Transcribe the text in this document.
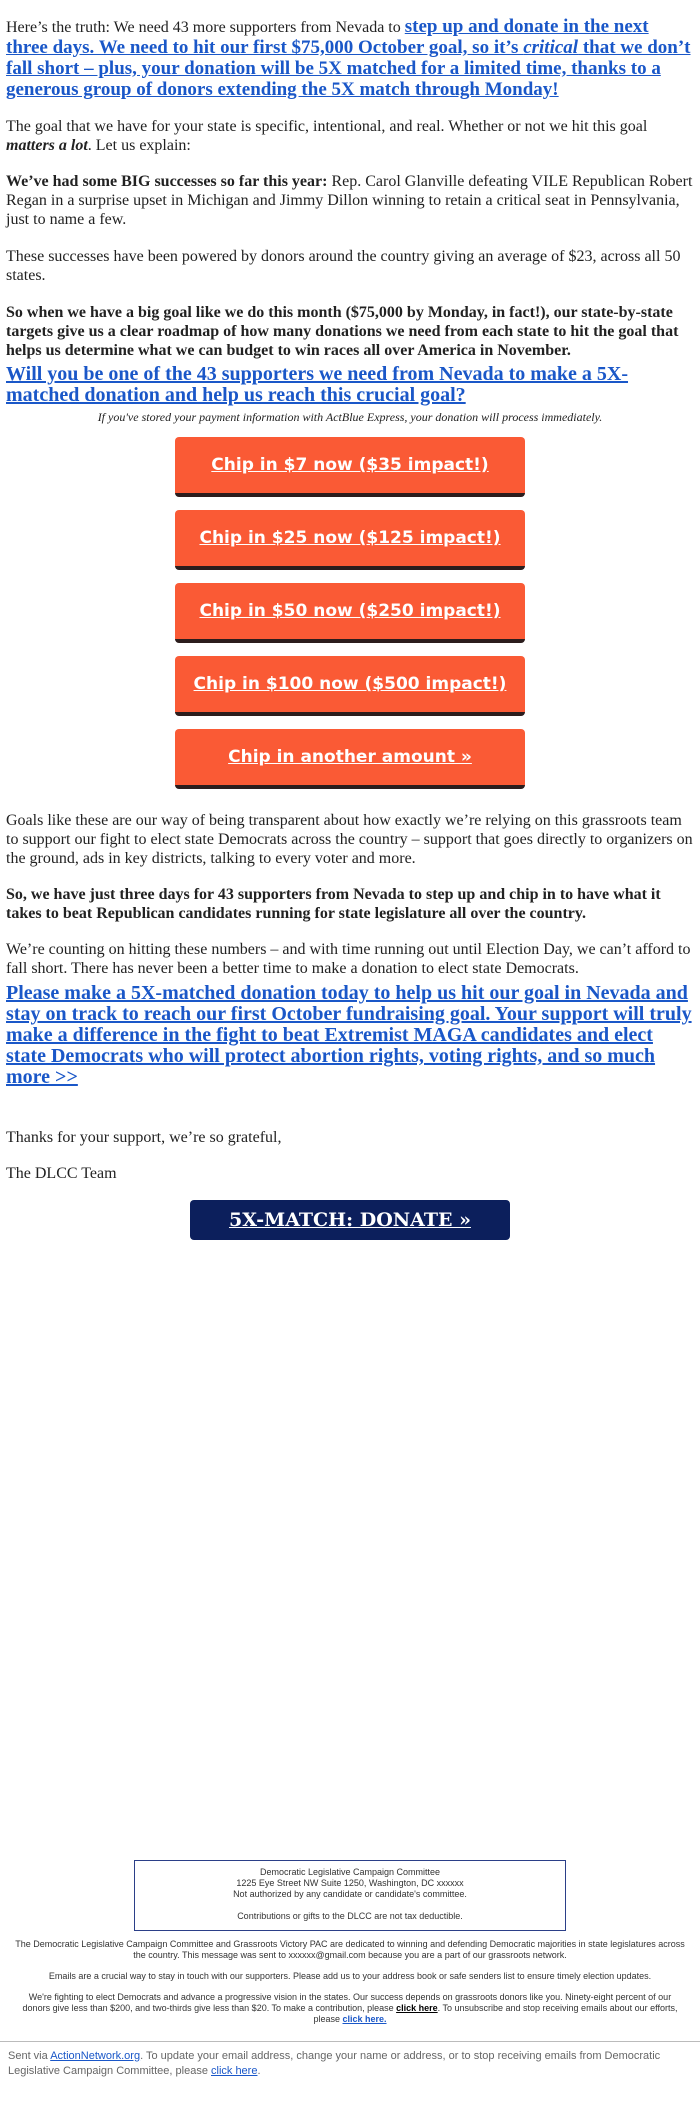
Here’s the truth: We need 43 more supporters from Nevada to step up and donate in the next three days. We need to hit our first $75,000 October goal, so it’s critical that we don’t fall short – plus, your donation will be 5X matched for a limited time, thanks to a generous group of donors extending the 5X match through Monday!

The goal that we have for your state is specific, intentional, and real. Whether or not we hit this goal matters a lot. Let us explain:

We’ve had some BIG successes so far this year: Rep. Carol Glanville defeating VILE Republican Robert Regan in a surprise upset in Michigan and Jimmy Dillon winning to retain a critical seat in Pennsylvania, just to name a few.

These successes have been powered by donors around the country giving an average of $23, across all 50 states.

So when we have a big goal like we do this month ($75,000 by Monday, in fact!), our state-by-state targets give us a clear roadmap of how many donations we need from each state to hit the goal that helps us determine what we can budget to win races all over America in November.

Will you be one of the 43 supporters we need from Nevada to make a 5X-matched donation and help us reach this crucial goal?

If you've stored your payment information with ActBlue Express, your donation will process immediately.

Chip in $7 now ($35 impact!)
Chip in $25 now ($125 impact!)
Chip in $50 now ($250 impact!)
Chip in $100 now ($500 impact!)
Chip in another amount »

Goals like these are our way of being transparent about how exactly we’re relying on this grassroots team to support our fight to elect state Democrats across the country – support that goes directly to organizers on the ground, ads in key districts, talking to every voter and more.

So, we have just three days for 43 supporters from Nevada to step up and chip in to have what it takes to beat Republican candidates running for state legislature all over the country.

We’re counting on hitting these numbers – and with time running out until Election Day, we can’t afford to fall short. There has never been a better time to make a donation to elect state Democrats.

Please make a 5X-matched donation today to help us hit our goal in Nevada and stay on track to reach our first October fundraising goal. Your support will truly make a difference in the fight to beat Extremist MAGA candidates and elect state Democrats who will protect abortion rights, voting rights, and so much more >>

Thanks for your support, we’re so grateful,

The DLCC Team

5X-MATCH: DONATE »
Democratic Legislative Campaign Committee
1225 Eye Street NW Suite 1250, Washington, DC xxxxxx
Not authorized by any candidate or candidate's committee.
Contributions or gifts to the DLCC are not tax deductible.

The Democratic Legislative Campaign Committee and Grassroots Victory PAC are dedicated to winning and defending Democratic majorities in state legislatures across the country. This message was sent to xxxxxx@gmail.com because you are a part of our grassroots network.

Emails are a crucial way to stay in touch with our supporters. Please add us to your address book or safe senders list to ensure timely election updates.

We're fighting to elect Democrats and advance a progressive vision in the states. Our success depends on grassroots donors like you. Ninety-eight percent of our donors give less than $200, and two-thirds give less than $20. To make a contribution, please click here. To unsubscribe and stop receiving emails about our efforts, please click here.

Sent via ActionNetwork.org. To update your email address, change your name or address, or to stop receiving emails from Democratic Legislative Campaign Committee, please click here.
